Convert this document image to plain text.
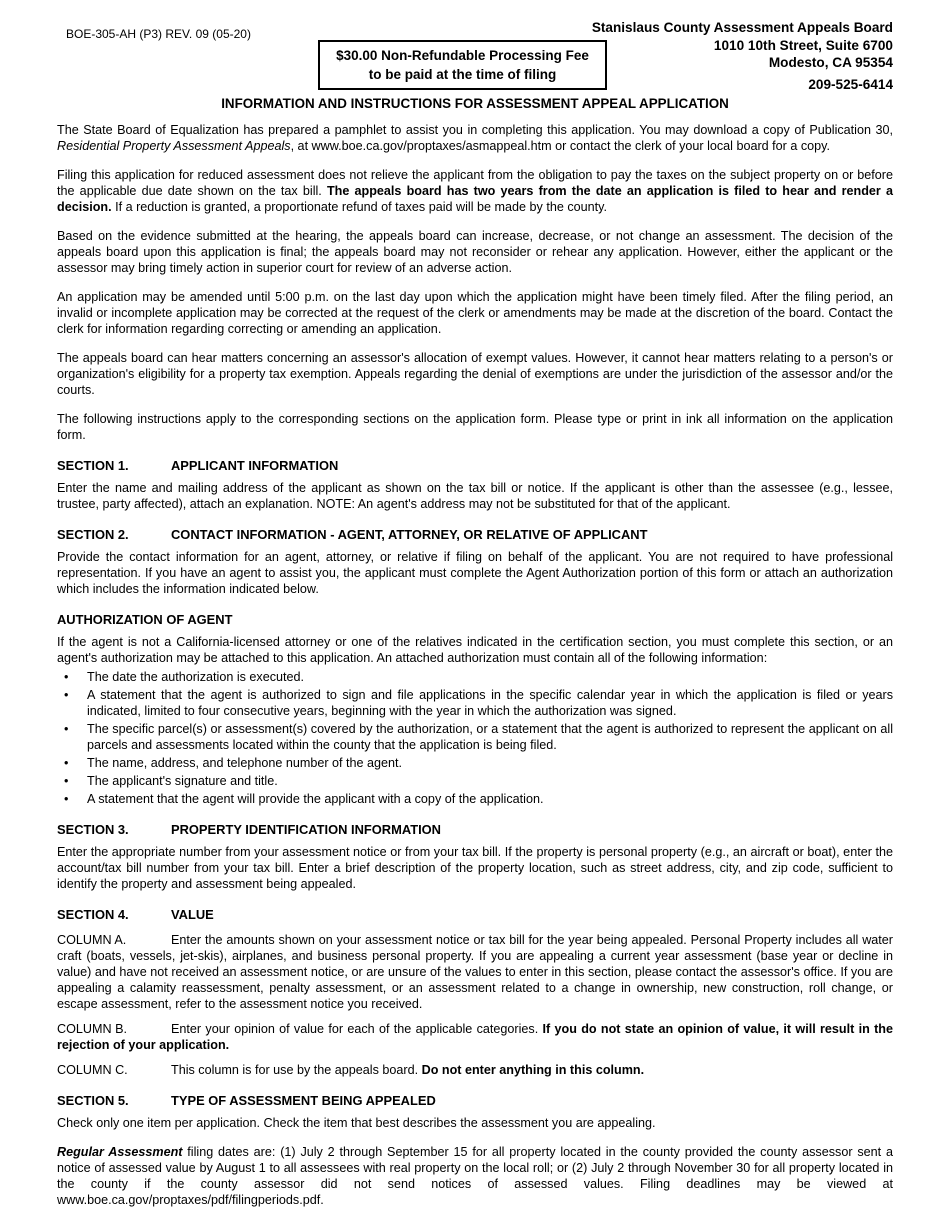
BOE-305-AH (P3) REV. 09 (05-20)
$30.00 Non-Refundable Processing Fee
to be paid at the time of filing
Stanislaus County Assessment Appeals Board
1010 10th Street, Suite 6700
Modesto, CA 95354
209-525-6414
INFORMATION AND INSTRUCTIONS FOR ASSESSMENT APPEAL APPLICATION

The State Board of Equalization has prepared a pamphlet to assist you in completing this application. You may download a copy of Publication 30, Residential Property Assessment Appeals, at www.boe.ca.gov/proptaxes/asmappeal.htm or contact the clerk of your local board for a copy.

Filing this application for reduced assessment does not relieve the applicant from the obligation to pay the taxes on the subject property on or before the applicable due date shown on the tax bill. The appeals board has two years from the date an application is filed to hear and render a decision. If a reduction is granted, a proportionate refund of taxes paid will be made by the county.

Based on the evidence submitted at the hearing, the appeals board can increase, decrease, or not change an assessment. The decision of the appeals board upon this application is final; the appeals board may not reconsider or rehear any application. However, either the applicant or the assessor may bring timely action in superior court for review of an adverse action.

An application may be amended until 5:00 p.m. on the last day upon which the application might have been timely filed. After the filing period, an invalid or incomplete application may be corrected at the request of the clerk or amendments may be made at the discretion of the board. Contact the clerk for information regarding correcting or amending an application.

The appeals board can hear matters concerning an assessor's allocation of exempt values. However, it cannot hear matters relating to a person's or organization's eligibility for a property tax exemption. Appeals regarding the denial of exemptions are under the jurisdiction of the assessor and/or the courts.

The following instructions apply to the corresponding sections on the application form. Please type or print in ink all information on the application form.

SECTION 1.	APPLICANT INFORMATION

Enter the name and mailing address of the applicant as shown on the tax bill or notice. If the applicant is other than the assessee (e.g., lessee, trustee, party affected), attach an explanation. NOTE: An agent's address may not be substituted for that of the applicant.

SECTION 2.	CONTACT INFORMATION - AGENT, ATTORNEY, OR RELATIVE OF APPLICANT

Provide the contact information for an agent, attorney, or relative if filing on behalf of the applicant. You are not required to have professional representation. If you have an agent to assist you, the applicant must complete the Agent Authorization portion of this form or attach an authorization which includes the information indicated below.

AUTHORIZATION OF AGENT

If the agent is not a California-licensed attorney or one of the relatives indicated in the certification section, you must complete this section, or an agent's authorization may be attached to this application. An attached authorization must contain all of the following information:

• The date the authorization is executed.
• A statement that the agent is authorized to sign and file applications in the specific calendar year in which the application is filed or years indicated, limited to four consecutive years, beginning with the year in which the authorization was signed.
• The specific parcel(s) or assessment(s) covered by the authorization, or a statement that the agent is authorized to represent the applicant on all parcels and assessments located within the county that the application is being filed.
• The name, address, and telephone number of the agent.
• The applicant's signature and title.
• A statement that the agent will provide the applicant with a copy of the application.
SECTION 3.	PROPERTY IDENTIFICATION INFORMATION

Enter the appropriate number from your assessment notice or from your tax bill. If the property is personal property (e.g., an aircraft or boat), enter the account/tax bill number from your tax bill. Enter a brief description of the property location, such as street address, city, and zip code, sufficient to identify the property and assessment being appealed.

SECTION 4.	VALUE

COLUMN A.	Enter the amounts shown on your assessment notice or tax bill for the year being appealed. Personal Property includes all water craft (boats, vessels, jet-skis), airplanes, and business personal property. If you are appealing a current year assessment (base year or decline in value) and have not received an assessment notice, or are unsure of the values to enter in this section, please contact the assessor's office. If you are appealing a calamity reassessment, penalty assessment, or an assessment related to a change in ownership, new construction, roll change, or escape assessment, refer to the assessment notice you received.

COLUMN B.	Enter your opinion of value for each of the applicable categories. If you do not state an opinion of value, it will result in the rejection of your application.

COLUMN C.	This column is for use by the appeals board. Do not enter anything in this column.

SECTION 5.	TYPE OF ASSESSMENT BEING APPEALED

Check only one item per application. Check the item that best describes the assessment you are appealing.

Regular Assessment filing dates are: (1) July 2 through September 15 for all property located in the county provided the county assessor sent a notice of assessed value by August 1 to all assessees with real property on the local roll; or (2) July 2 through November 30 for all property located in the county if the county assessor did not send notices of assessed values. Filing deadlines may be viewed at www.boe.ca.gov/proptaxes/pdf/filingperiods.pdf.
